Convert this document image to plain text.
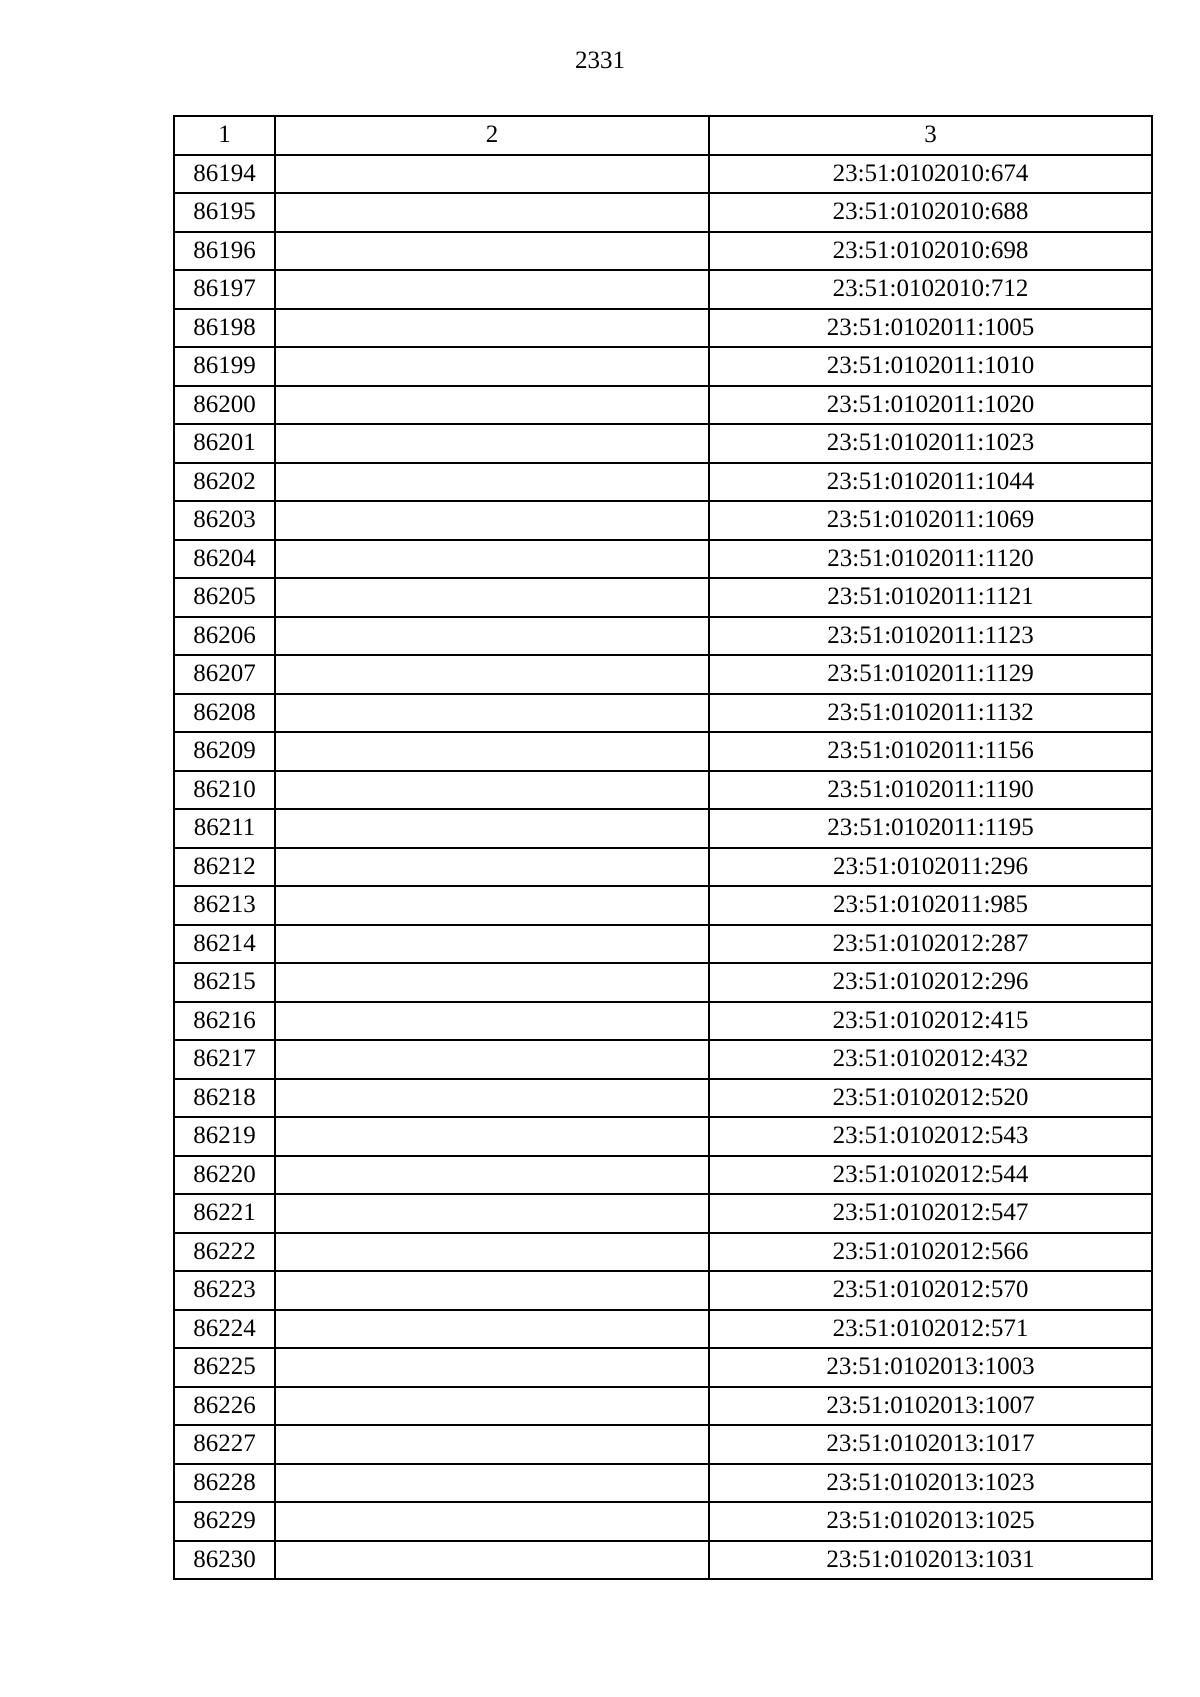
2331
1	2	3
86194		23:51:0102010:674
86195		23:51:0102010:688
86196		23:51:0102010:698
86197		23:51:0102010:712
86198		23:51:0102011:1005
86199		23:51:0102011:1010
86200		23:51:0102011:1020
86201		23:51:0102011:1023
86202		23:51:0102011:1044
86203		23:51:0102011:1069
86204		23:51:0102011:1120
86205		23:51:0102011:1121
86206		23:51:0102011:1123
86207		23:51:0102011:1129
86208		23:51:0102011:1132
86209		23:51:0102011:1156
86210		23:51:0102011:1190
86211		23:51:0102011:1195
86212		23:51:0102011:296
86213		23:51:0102011:985
86214		23:51:0102012:287
86215		23:51:0102012:296
86216		23:51:0102012:415
86217		23:51:0102012:432
86218		23:51:0102012:520
86219		23:51:0102012:543
86220		23:51:0102012:544
86221		23:51:0102012:547
86222		23:51:0102012:566
86223		23:51:0102012:570
86224		23:51:0102012:571
86225		23:51:0102013:1003
86226		23:51:0102013:1007
86227		23:51:0102013:1017
86228		23:51:0102013:1023
86229		23:51:0102013:1025
86230		23:51:0102013:1031
